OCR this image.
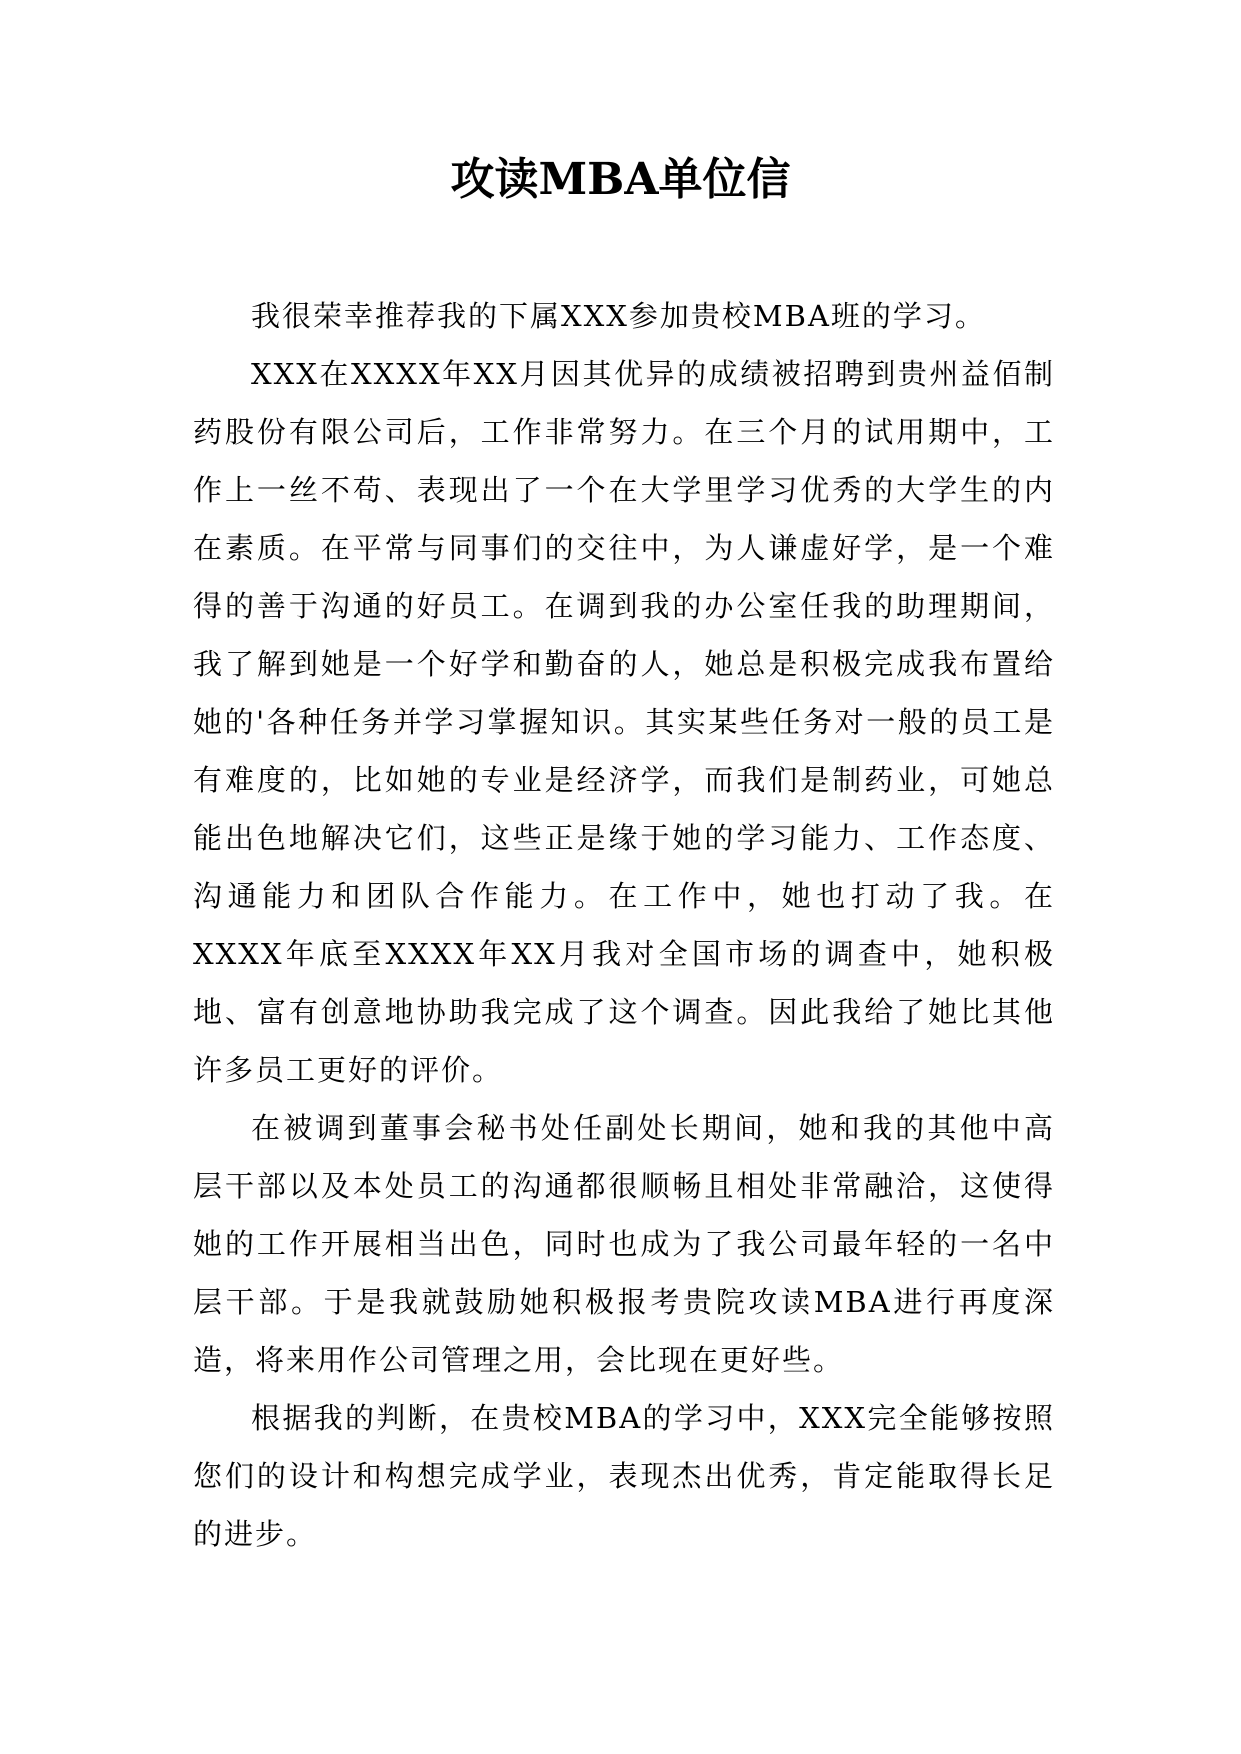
攻读MBA单位信

我很荣幸推荐我的下属XXX参加贵校MBA班的学习。

XXX在XXXX年XX月因其优异的成绩被招聘到贵州益佰制药股份有限公司后，工作非常努力。在三个月的试用期中，工作上一丝不苟、表现出了一个在大学里学习优秀的大学生的内在素质。在平常与同事们的交往中，为人谦虚好学，是一个难得的善于沟通的好员工。在调到我的办公室任我的助理期间，我了解到她是一个好学和勤奋的人，她总是积极完成我布置给她的'各种任务并学习掌握知识。其实某些任务对一般的员工是有难度的，比如她的专业是经济学，而我们是制药业，可她总能出色地解决它们，这些正是缘于她的学习能力、工作态度、沟通能力和团队合作能力。在工作中，她也打动了我。在XXXX年底至XXXX年XX月我对全国市场的调查中，她积极地、富有创意地协助我完成了这个调查。因此我给了她比其他许多员工更好的评价。

在被调到董事会秘书处任副处长期间，她和我的其他中高层干部以及本处员工的沟通都很顺畅且相处非常融洽，这使得她的工作开展相当出色，同时也成为了我公司最年轻的一名中层干部。于是我就鼓励她积极报考贵院攻读MBA进行再度深造，将来用作公司管理之用，会比现在更好些。

根据我的判断，在贵校MBA的学习中，XXX完全能够按照您们的设计和构想完成学业，表现杰出优秀，肯定能取得长足的进步。
